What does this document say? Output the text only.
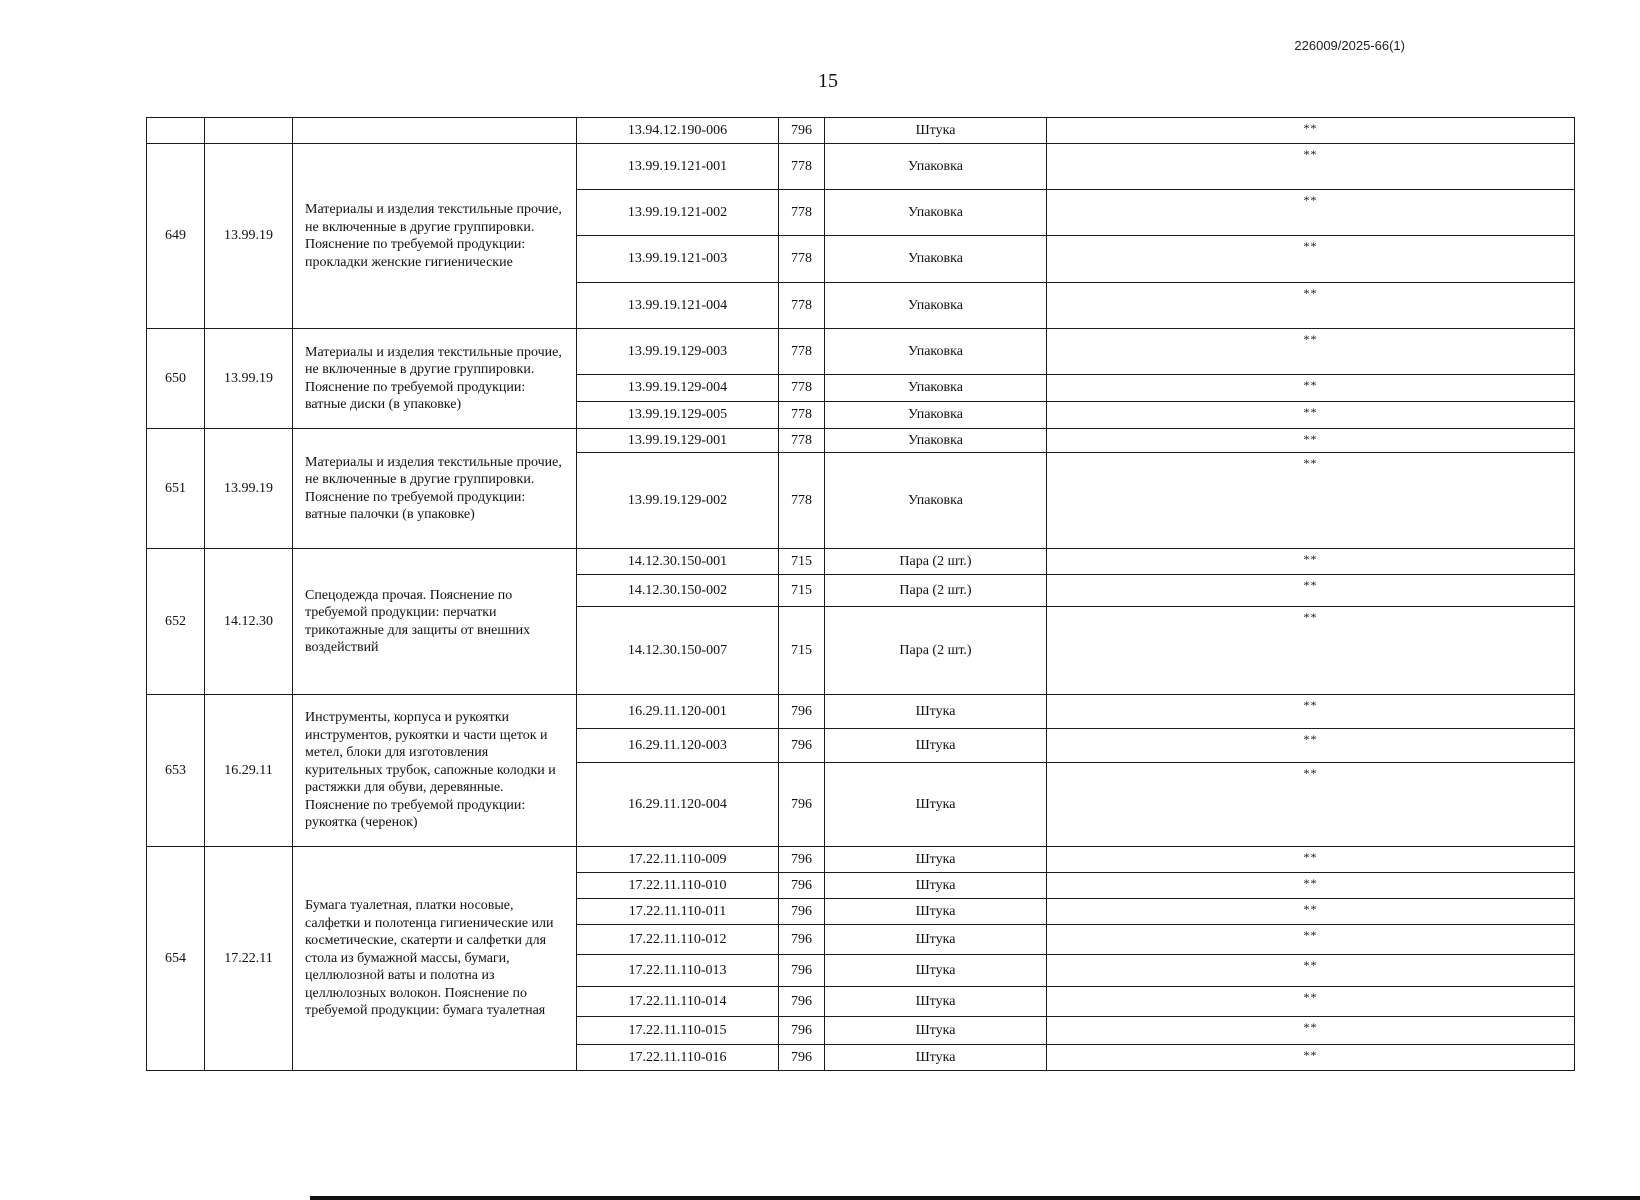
226009/2025-66(1)
15
			13.94.12.190-006	796	Штука	**
649	13.99.19	Материалы и изделия текстильные прочие, не включенные в другие группировки. Пояснение по требуемой продукции: прокладки женские гигиенические	13.99.19.121-001	778	Упаковка	**
			13.99.19.121-002	778	Упаковка	**
			13.99.19.121-003	778	Упаковка	**
			13.99.19.121-004	778	Упаковка	**
650	13.99.19	Материалы и изделия текстильные прочие, не включенные в другие группировки. Пояснение по требуемой продукции: ватные диски (в упаковке)	13.99.19.129-003	778	Упаковка	**
			13.99.19.129-004	778	Упаковка	**
			13.99.19.129-005	778	Упаковка	**
651	13.99.19	Материалы и изделия текстильные прочие, не включенные в другие группировки. Пояснение по требуемой продукции: ватные палочки (в упаковке)	13.99.19.129-001	778	Упаковка	**
			13.99.19.129-002	778	Упаковка	**
652	14.12.30	Спецодежда прочая. Пояснение по требуемой продукции: перчатки трикотажные для защиты от внешних воздействий	14.12.30.150-001	715	Пара (2 шт.)	**
			14.12.30.150-002	715	Пара (2 шт.)	**
			14.12.30.150-007	715	Пара (2 шт.)	**
653	16.29.11	Инструменты, корпуса и рукоятки инструментов, рукоятки и части щеток и метел, блоки для изготовления курительных трубок, сапожные колодки и растяжки для обуви, деревянные. Пояснение по требуемой продукции: рукоятка (черенок)	16.29.11.120-001	796	Штука	**
			16.29.11.120-003	796	Штука	**
			16.29.11.120-004	796	Штука	**
654	17.22.11	Бумага туалетная, платки носовые, салфетки и полотенца гигиенические или косметические, скатерти и салфетки для стола из бумажной массы, бумаги, целлюлозной ваты и полотна из целлюлозных волокон. Пояснение по требуемой продукции: бумага туалетная	17.22.11.110-009	796	Штука	**
			17.22.11.110-010	796	Штука	**
			17.22.11.110-011	796	Штука	**
			17.22.11.110-012	796	Штука	**
			17.22.11.110-013	796	Штука	**
			17.22.11.110-014	796	Штука	**
			17.22.11.110-015	796	Штука	**
			17.22.11.110-016	796	Штука	**
